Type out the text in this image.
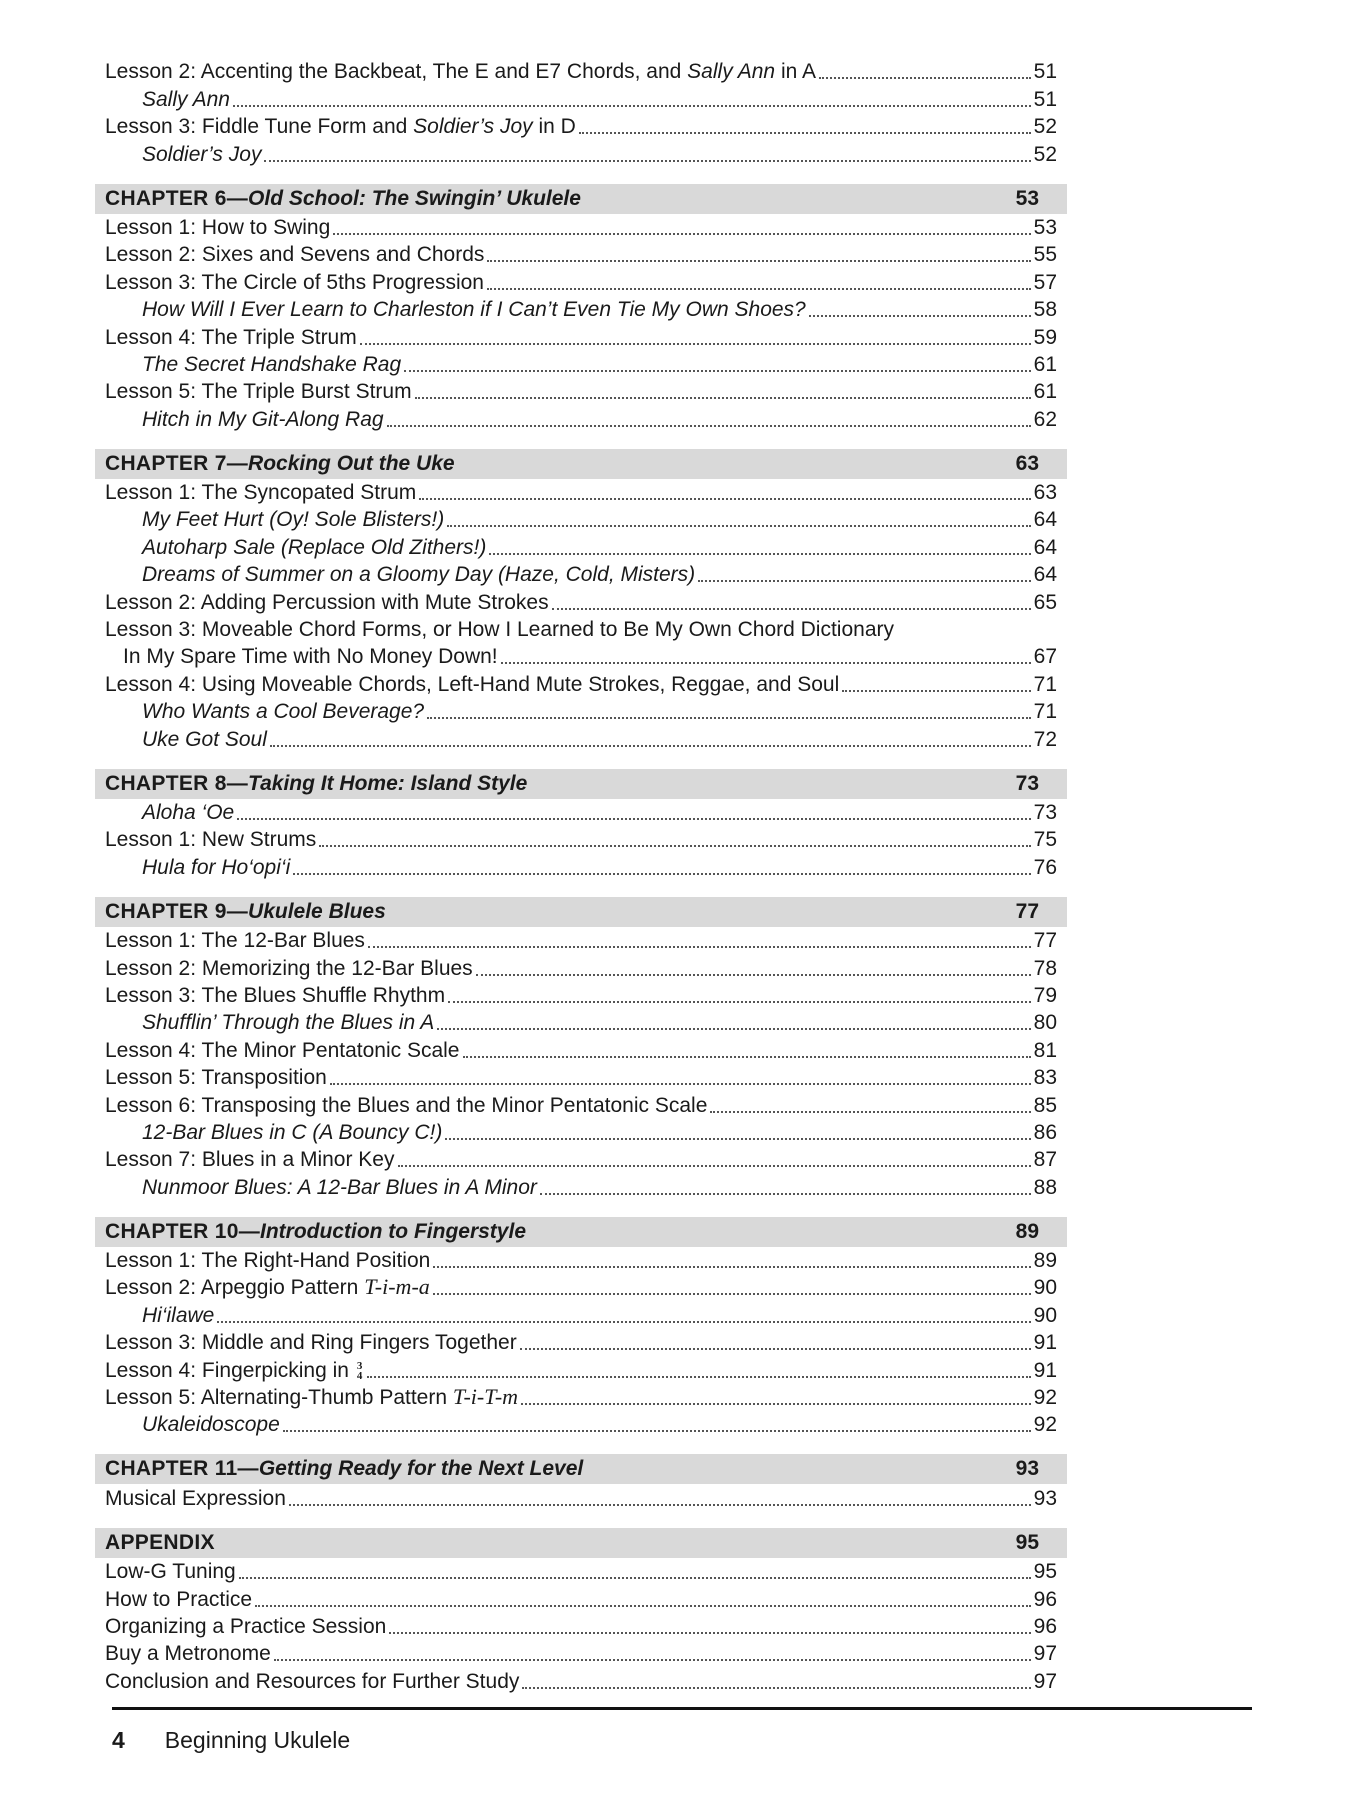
Lesson 2: Accenting the Backbeat, The E and E7 Chords, and Sally Ann in A	51
Sally Ann	51
Lesson 3: Fiddle Tune Form and Soldier’s Joy in D	52
Soldier’s Joy	52
CHAPTER 6—Old School: The Swingin’ Ukulele	53
Lesson 1: How to Swing	53
Lesson 2: Sixes and Sevens and Chords	55
Lesson 3: The Circle of 5ths Progression	57
How Will I Ever Learn to Charleston if I Can’t Even Tie My Own Shoes?	58
Lesson 4: The Triple Strum	59
The Secret Handshake Rag	61
Lesson 5: The Triple Burst Strum	61
Hitch in My Git-Along Rag	62
CHAPTER 7—Rocking Out the Uke	63
Lesson 1: The Syncopated Strum	63
My Feet Hurt (Oy! Sole Blisters!)	64
Autoharp Sale (Replace Old Zithers!)	64
Dreams of Summer on a Gloomy Day (Haze, Cold, Misters)	64
Lesson 2: Adding Percussion with Mute Strokes	65
Lesson 3: Moveable Chord Forms, or How I Learned to Be My Own Chord Dictionary
In My Spare Time with No Money Down!	67
Lesson 4: Using Moveable Chords, Left-Hand Mute Strokes, Reggae, and Soul	71
Who Wants a Cool Beverage?	71
Uke Got Soul	72
CHAPTER 8—Taking It Home: Island Style	73
Aloha ‘Oe	73
Lesson 1: New Strums	75
Hula for Ho‘opi‘i	76
CHAPTER 9—Ukulele Blues	77
Lesson 1: The 12-Bar Blues	77
Lesson 2: Memorizing the 12-Bar Blues	78
Lesson 3: The Blues Shuffle Rhythm	79
Shufflin’ Through the Blues in A	80
Lesson 4: The Minor Pentatonic Scale	81
Lesson 5: Transposition	83
Lesson 6: Transposing the Blues and the Minor Pentatonic Scale	85
12-Bar Blues in C (A Bouncy C!)	86
Lesson 7: Blues in a Minor Key	87
Nunmoor Blues: A 12-Bar Blues in A Minor	88
CHAPTER 10—Introduction to Fingerstyle	89
Lesson 1: The Right-Hand Position	89
Lesson 2: Arpeggio Pattern T-i-m-a	90
Hi‘ilawe	90
Lesson 3: Middle and Ring Fingers Together	91
Lesson 4: Fingerpicking in 3
4	91
Lesson 5: Alternating-Thumb Pattern T-i-T-m	92
Ukaleidoscope	92
CHAPTER 11—Getting Ready for the Next Level	93
Musical Expression	93
APPENDIX	95
Low-G Tuning	95
How to Practice	96
Organizing a Practice Session	96
Buy a Metronome	97
Conclusion and Resources for Further Study	97
4 Beginning Ukulele
